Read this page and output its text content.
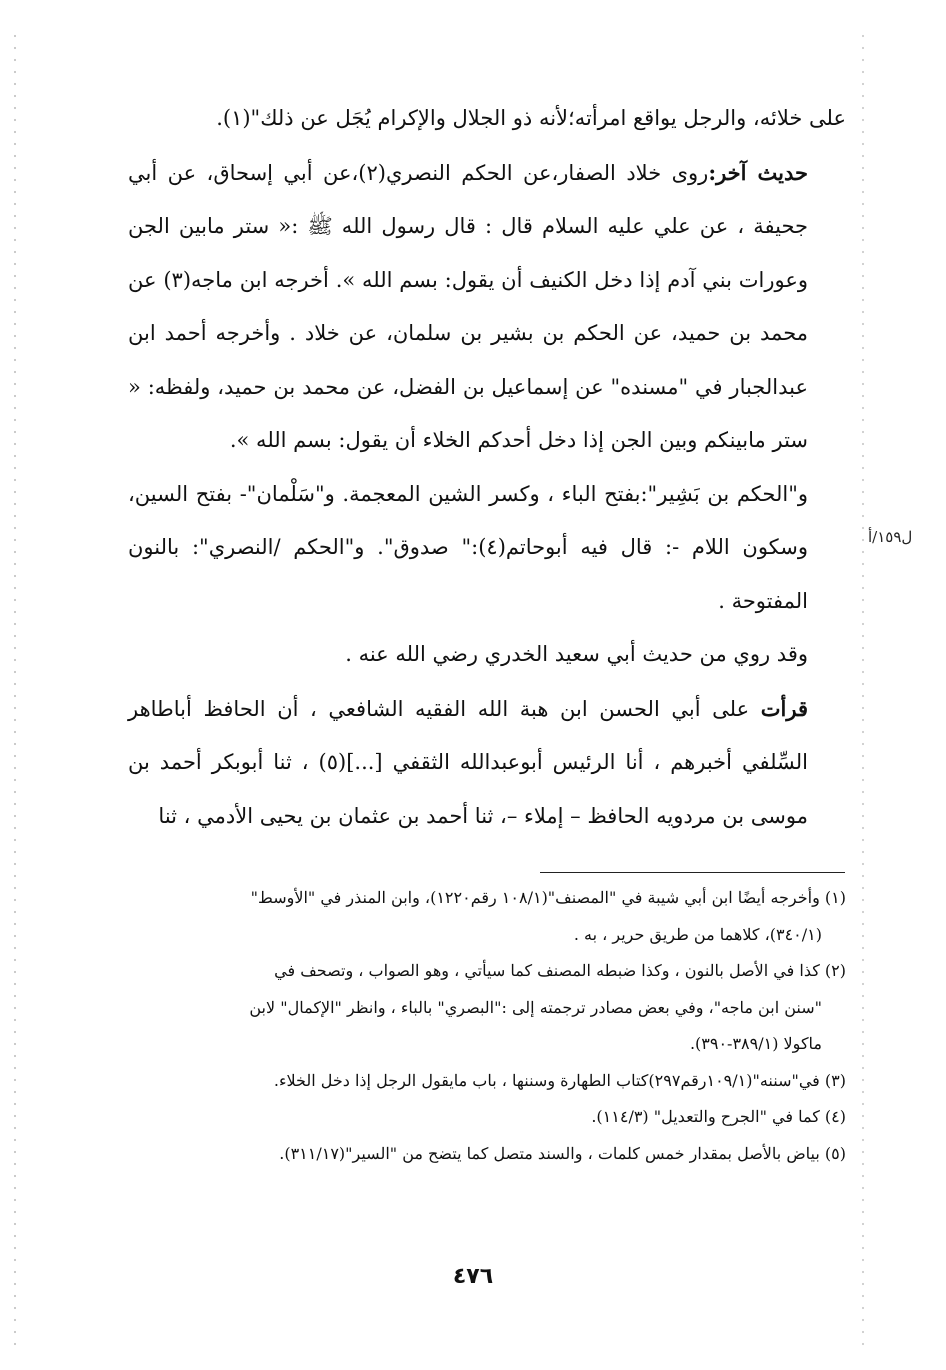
على خلائه، والرجل يواقع امرأته؛لأنه ذو الجلال والإكرام يُجَل عن ذلك"(١).

حديث آخر:روى خلاد الصفار،عن الحكم النصري(٢)،عن أبي إسحاق، عن أبي جحيفة ، عن علي عليه السلام قال : قال رسول الله ﷺ :« ستر مابين الجن وعورات بني آدم إذا دخل الكنيف أن يقول: بسم الله ». أخرجه ابن ماجه(٣) عن محمد بن حميد، عن الحكم بن بشير بن سلمان، عن خلاد . وأخرجه أحمد ابن عبدالجبار في "مسنده" عن إسماعيل بن الفضل، عن محمد بن حميد، ولفظه: « ستر مابينكم وبين الجن إذا دخل أحدكم الخلاء أن يقول: بسم الله ».

و"الحكم بن بَشِير":بفتح الباء ، وكسر الشين المعجمة. و"سَلْمان"- بفتح السين، وسكون اللام -: قال فيه أبوحاتم(٤):" صدوق". و"الحكم /النصري": بالنون المفتوحة .

وقد روي من حديث أبي سعيد الخدري رضي الله عنه .

قرأت على أبي الحسن ابن هبة الله الفقيه الشافعي ، أن الحافظ أباطاهر السِّلفي أخبرهم ، أنا الرئيس أبوعبدالله الثقفي [...](٥) ، ثنا أبوبكر أحمد بن موسى بن مردويه الحافظ – إملاء –، ثنا أحمد بن عثمان بن يحيى الأدمي ، ثنا

ل١٥٩/أ

(١) وأخرجه أيضًا ابن أبي شيبة في "المصنف"(١٠٨/١ رقم١٢٢٠)، وابن المنذر في "الأوسط"

(٣٤٠/١)، كلاهما من طريق حرير ، به .

(٢) كذا في الأصل بالنون ، وكذا ضبطه المصنف كما سيأتي ، وهو الصواب ، وتصحف في

"سنن ابن ماجه"، وفي بعض مصادر ترجمته إلى :"البصري" بالباء ، وانظر "الإكمال" لابن

ماكولا (٣٨٩/١-٣٩٠).

(٣) في"سننه"(١٠٩/١رقم٢٩٧)كتاب الطهارة وسننها ، باب مايقول الرجل إذا دخل الخلاء.

(٤) كما في "الجرح والتعديل" (١١٤/٣).

(٥) بياض بالأصل بمقدار خمس كلمات ، والسند متصل كما يتضح من "السير"(٣١١/١٧).

٤٧٦
